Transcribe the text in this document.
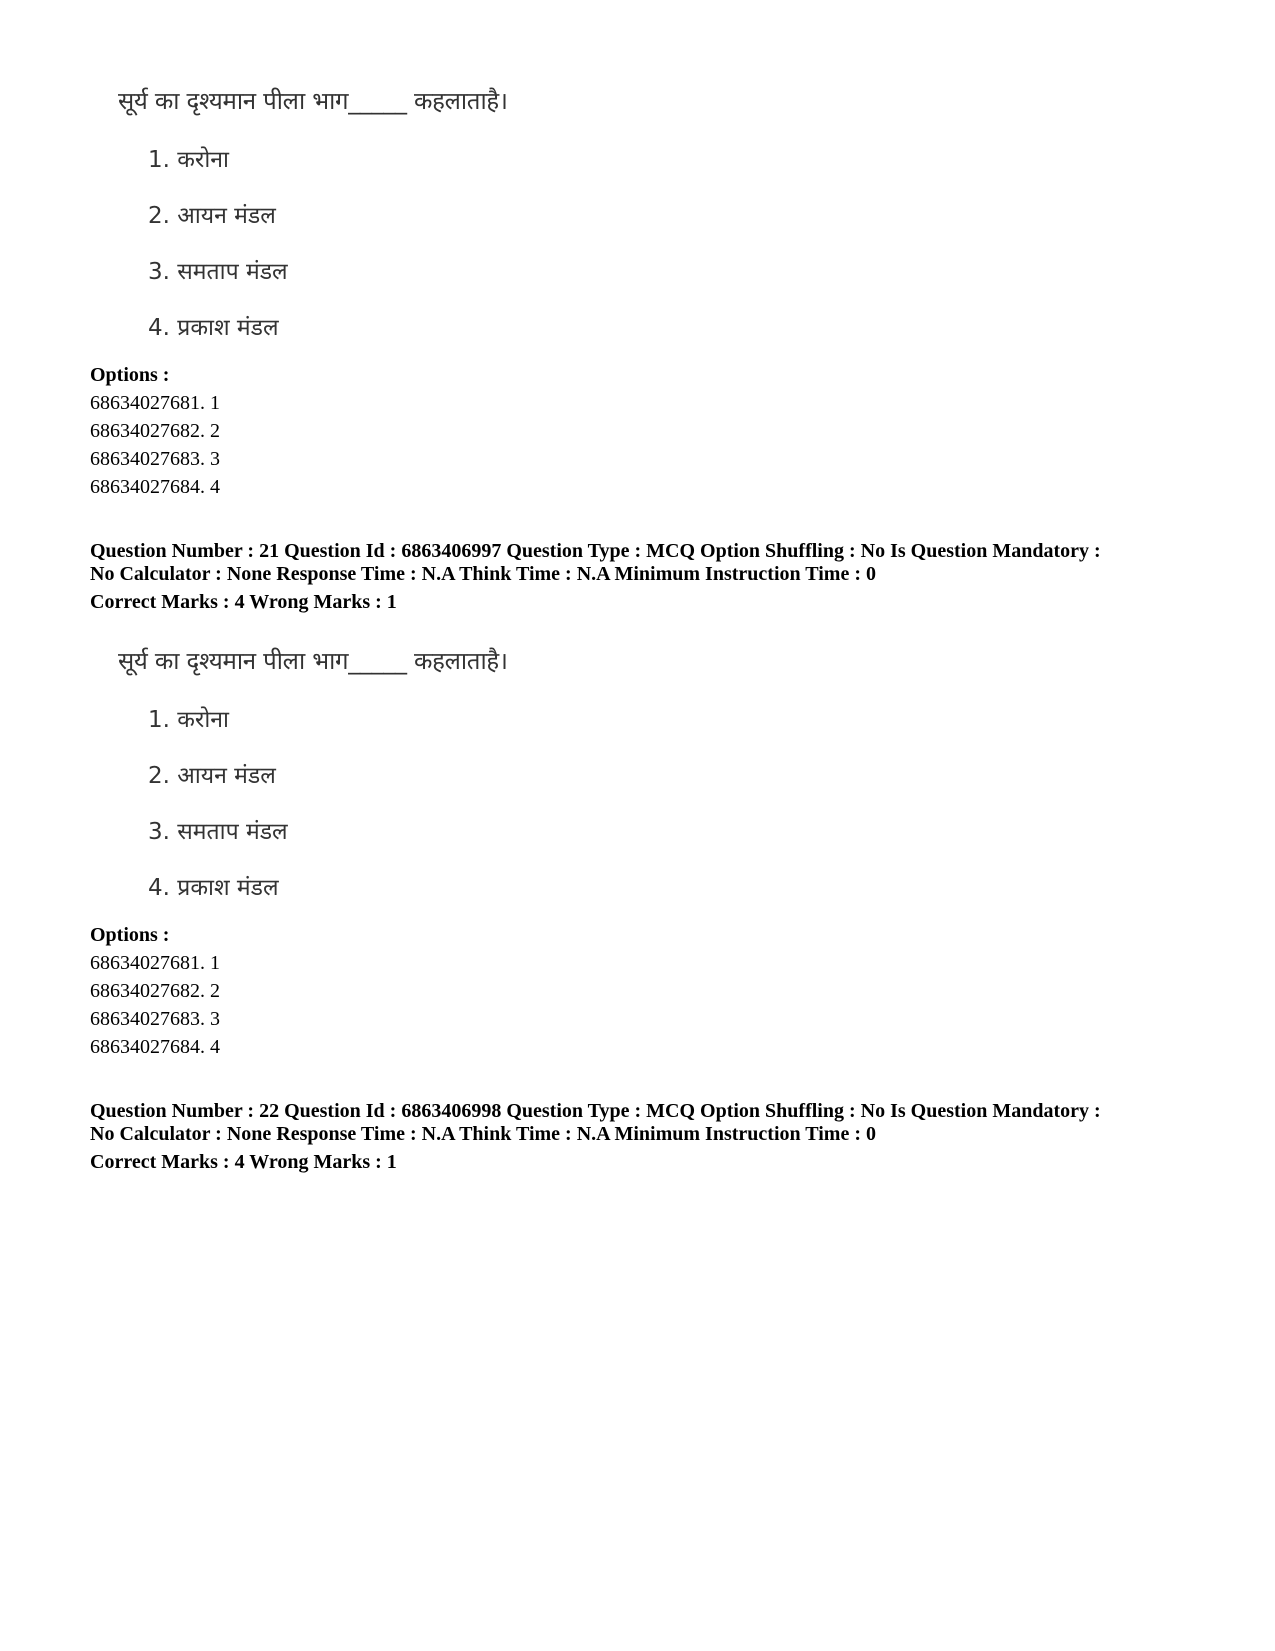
सूर्य का दृश्यमान पीला भाग_____ कहलाताहै।
1. करोना
2. आयन मंडल
3. समताप मंडल
4. प्रकाश मंडल
Options :
68634027681. 1
68634027682. 2
68634027683. 3
68634027684. 4
Question Number : 21 Question Id : 6863406997 Question Type : MCQ Option Shuffling : No Is Question Mandatory :
No Calculator : None Response Time : N.A Think Time : N.A Minimum Instruction Time : 0
Correct Marks : 4 Wrong Marks : 1
सूर्य का दृश्यमान पीला भाग_____ कहलाताहै।
1. करोना
2. आयन मंडल
3. समताप मंडल
4. प्रकाश मंडल
Options :
68634027681. 1
68634027682. 2
68634027683. 3
68634027684. 4
Question Number : 22 Question Id : 6863406998 Question Type : MCQ Option Shuffling : No Is Question Mandatory :
No Calculator : None Response Time : N.A Think Time : N.A Minimum Instruction Time : 0
Correct Marks : 4 Wrong Marks : 1
